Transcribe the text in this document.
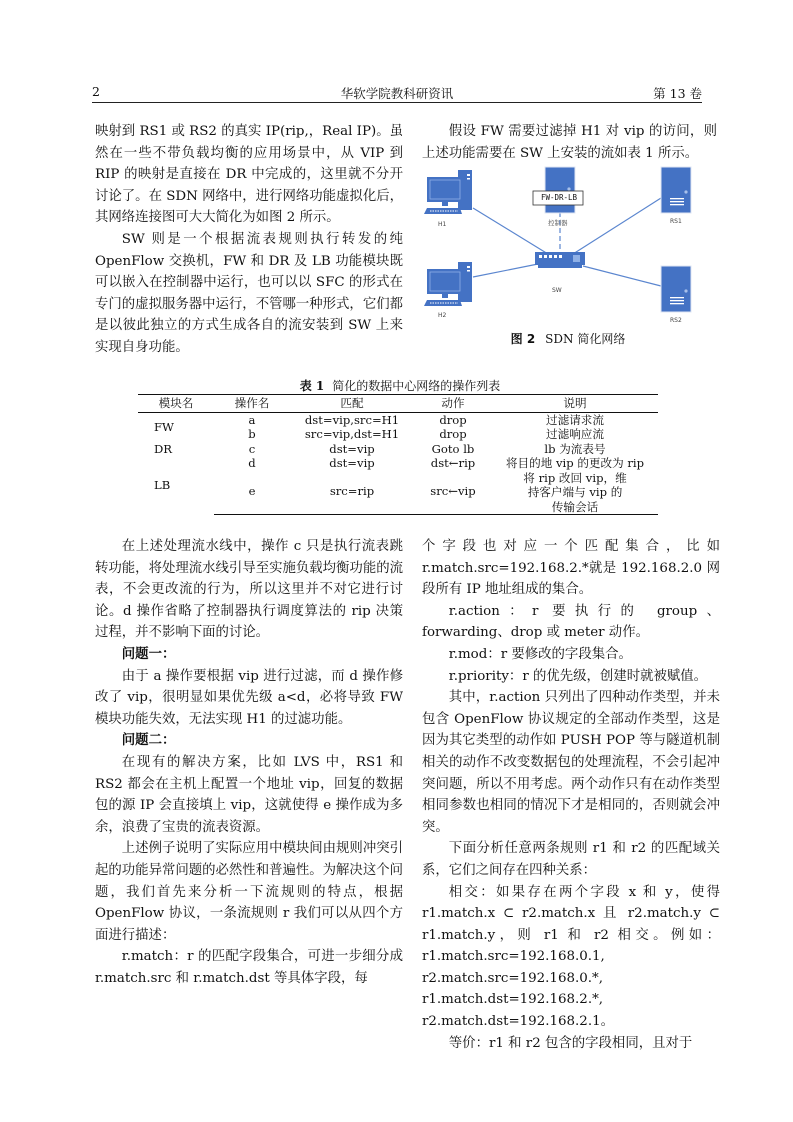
2	华软学院教科研资讯	第 13 卷

映射到 RS1 或 RS2 的真实 IP(rip,，Real IP)。虽然在一些不带负载均衡的应用场景中，从 VIP 到 RIP 的映射是直接在 DR 中完成的，这里就不分开讨论了。在 SDN 网络中，进行网络功能虚拟化后，其网络连接图可大大简化为如图 2 所示。

SW 则是一个根据流表规则执行转发的纯 OpenFlow 交换机，FW 和 DR 及 LB 功能模块既可以嵌入在控制器中运行，也可以以 SFC 的形式在专门的虚拟服务器中运行，不管哪一种形式，它们都是以彼此独立的方式生成各自的流安装到 SW 上来实现自身功能。

假设 FW 需要过滤掉 H1 对 vip 的访问，则上述功能需要在 SW 上安装的流如表 1 所示。

FW-DR-LB
H1	控制器	RS1
SW
H2
RS2
图 2 SDN 简化网络
表 1 简化的数据中心网络的操作列表
模块名	操作名	匹配	动作	说明
FW	a	dst=vip,src=H1	drop	过滤请求流
	b	src=vip,dst=H1	drop	过滤响应流
DR	c	dst=vip	Goto lb	lb 为流表号
LB	d	dst=vip	dst←rip	将目的地 vip 的更改为 rip
	e	src=rip	src←vip	将 rip 改回 vip，维持客户端与 vip 的传输会话

在上述处理流水线中，操作 c 只是执行流表跳转功能，将处理流水线引导至实施负载均衡功能的流表，不会更改流的行为，所以这里并不对它进行讨论。d 操作省略了控制器执行调度算法的 rip 决策过程，并不影响下面的讨论。

问题一：

由于 a 操作要根据 vip 进行过滤，而 d 操作修改了 vip，很明显如果优先级 a<d，必将导致 FW 模块功能失效，无法实现 H1 的过滤功能。

问题二：

在现有的解决方案，比如 LVS 中，RS1 和 RS2 都会在主机上配置一个地址 vip，回复的数据包的源 IP 会直接填上 vip，这就使得 e 操作成为多余，浪费了宝贵的流表资源。

上述例子说明了实际应用中模块间由规则冲突引起的功能异常问题的必然性和普遍性。为解决这个问题，我们首先来分析一下流规则的特点，根据 OpenFlow 协议，一条流规则 r 我们可以从四个方面进行描述：

r.match：r 的匹配字段集合，可进一步细分成 r.match.src 和 r.match.dst 等具体字段，每

个字段也对应一个匹配集合，比如 r.match.src=192.168.2.*就是 192.168.2.0 网段所有 IP 地址组成的集合。

r.action：r 要执行的 group、forwarding、drop 或 meter 动作。

r.mod：r 要修改的字段集合。

r.priority：r 的优先级，创建时就被赋值。

其中，r.action 只列出了四种动作类型，并未包含 OpenFlow 协议规定的全部动作类型，这是因为其它类型的动作如 PUSH POP 等与隧道机制相关的动作不改变数据包的处理流程，不会引起冲突问题，所以不用考虑。两个动作只有在动作类型相同参数也相同的情况下才是相同的，否则就会冲突。

下面分析任意两条规则 r1 和 r2 的匹配域关系，它们之间存在四种关系：

相交：如果存在两个字段 x 和 y，使得 r1.match.x ⊂ r2.match.x 且 r2.match.y ⊂ r1.match.y，则 r1 和 r2 相交。例如：r1.match.src=192.168.0.1, r2.match.src=192.168.0.*, r1.match.dst=192.168.2.*, r2.match.dst=192.168.2.1。

等价：r1 和 r2 包含的字段相同，且对于
